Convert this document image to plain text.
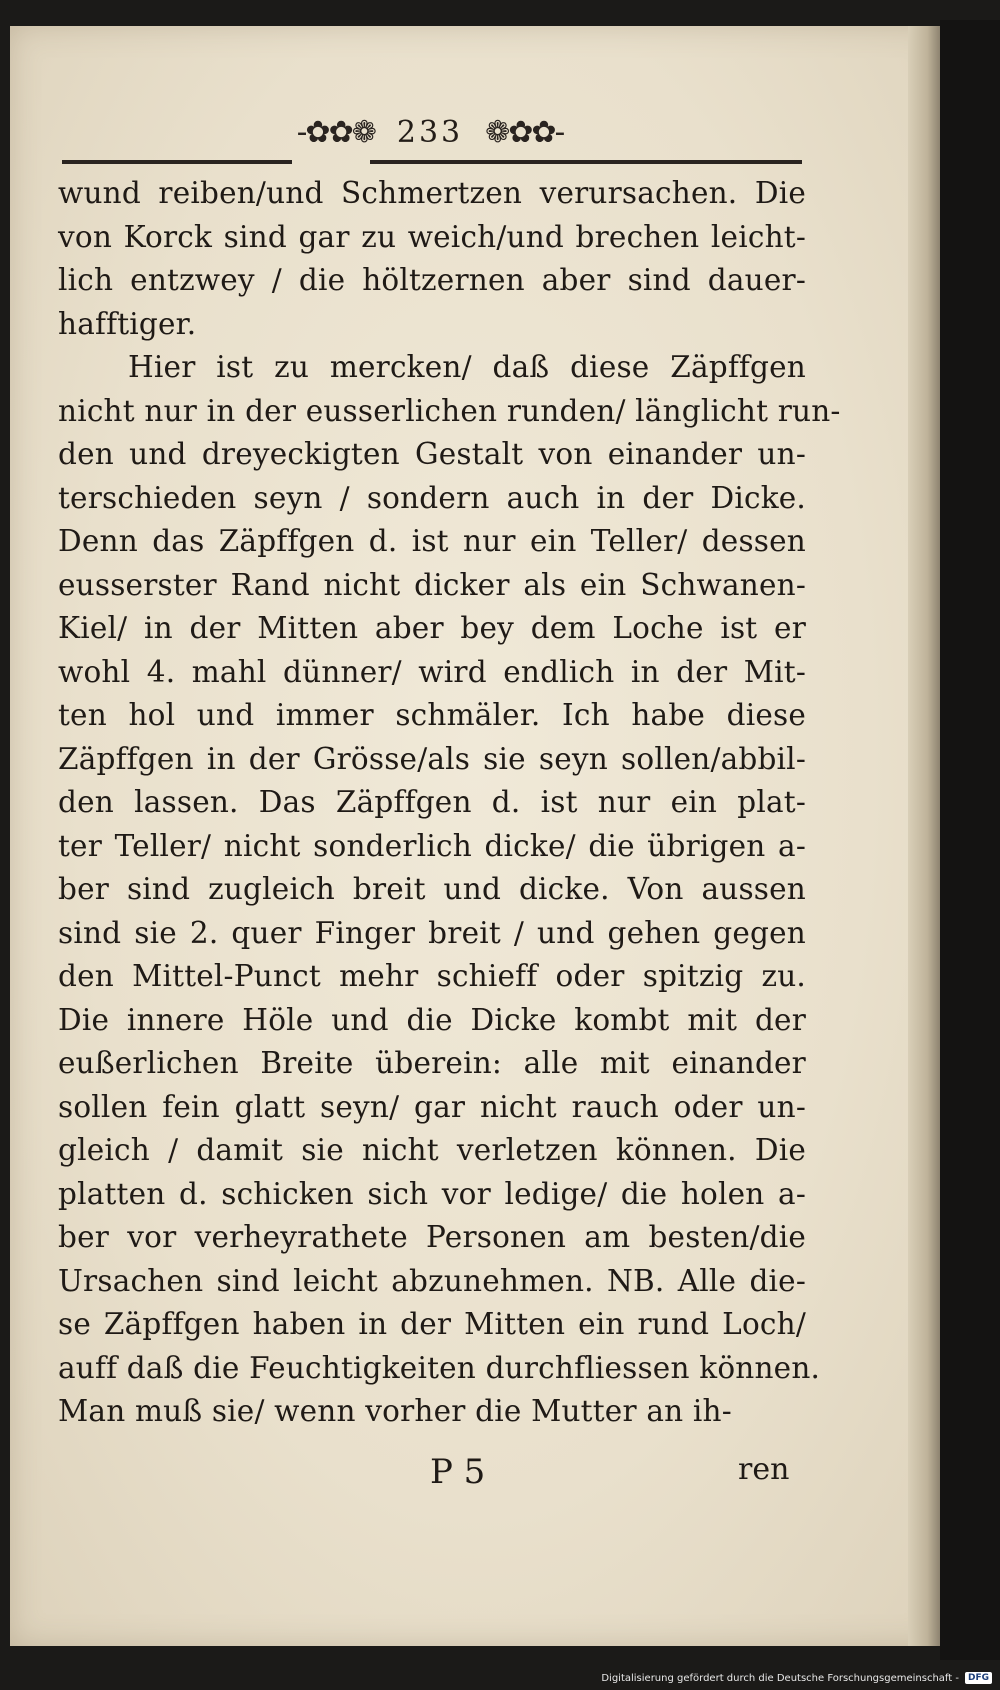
-✿✿❁ 233 ❁✿✿-
wund reiben/und Schmertzen verursachen. Die
von Korck sind gar zu weich/und brechen leicht-
lich entzwey / die höltzernen aber sind dauer-
hafftiger.
Hier ist zu mercken/ daß diese Zäpffgen
nicht nur in der eusserlichen runden/ länglicht run-
den und dreyeckigten Gestalt von einander un-
terschieden seyn / sondern auch in der Dicke.
Denn das Zäpffgen d. ist nur ein Teller/ dessen
eusserster Rand nicht dicker als ein Schwanen-
Kiel/ in der Mitten aber bey dem Loche ist er
wohl 4. mahl dünner/ wird endlich in der Mit-
ten hol und immer schmäler. Ich habe diese
Zäpffgen in der Grösse/als sie seyn sollen/abbil-
den lassen. Das Zäpffgen d. ist nur ein plat-
ter Teller/ nicht sonderlich dicke/ die übrigen a-
ber sind zugleich breit und dicke. Von aussen
sind sie 2. quer Finger breit / und gehen gegen
den Mittel-Punct mehr schieff oder spitzig zu.
Die innere Höle und die Dicke kombt mit der
eußerlichen Breite überein: alle mit einander
sollen fein glatt seyn/ gar nicht rauch oder un-
gleich / damit sie nicht verletzen können. Die
platten d. schicken sich vor ledige/ die holen a-
ber vor verheyrathete Personen am besten/die
Ursachen sind leicht abzunehmen. NB. Alle die-
se Zäpffgen haben in der Mitten ein rund Loch/
auff daß die Feuchtigkeiten durchfliessen können.
Man muß sie/ wenn vorher die Mutter an ih-
P 5	ren
Digitalisierung gefördert durch die Deutsche Forschungsgemeinschaft -	DFG
